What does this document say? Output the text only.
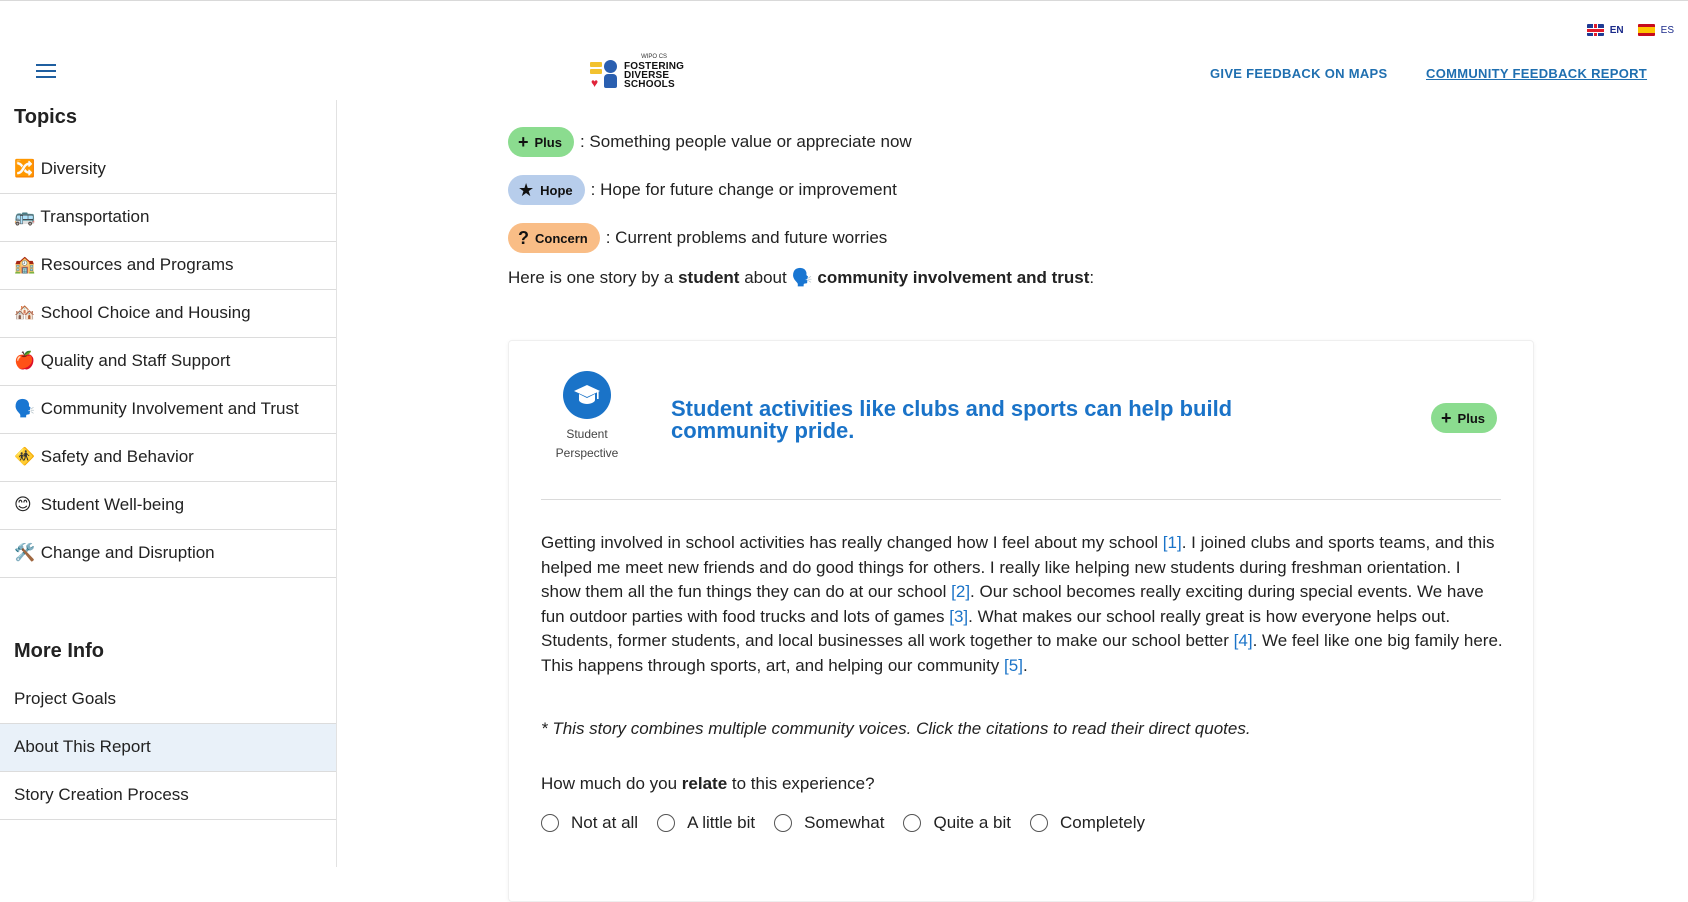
EN	ES
♥
WIPO CS
FOSTERING
DIVERSE
SCHOOLS
GIVE FEEDBACK ON MAPS	COMMUNITY FEEDBACK REPORT
Topics
🔀 Diversity
🚌 Transportation
🏫 Resources and Programs
🏘️ School Choice and Housing
🍎 Quality and Staff Support
🗣️ Community Involvement and Trust
🚸 Safety and Behavior
😊 Student Well-being
🛠️ Change and Disruption
More Info
Project Goals
About This Report
Story Creation Process
+ Plus : Something people value or appreciate now
★ Hope : Hope for future change or improvement
? Concern : Current problems and future worries
Here is one story by a student about 🗣️ community involvement and trust:
Student
Perspective
Student activities like clubs and sports can help build community pride.	+ Plus

Getting involved in school activities has really changed how I feel about my school [1]. I joined clubs and sports teams, and this helped me meet new friends and do good things for others. I really like helping new students during freshman orientation. I show them all the fun things they can do at our school [2]. Our school becomes really exciting during special events. We have fun outdoor parties with food trucks and lots of games [3]. What makes our school really great is how everyone helps out. Students, former students, and local businesses all work together to make our school better [4]. We feel like one big family here. This happens through sports, art, and helping our community [5].

* This story combines multiple community voices. Click the citations to read their direct quotes.
How much do you relate to this experience?
Not at all	A little bit	Somewhat	Quite a bit	Completely
